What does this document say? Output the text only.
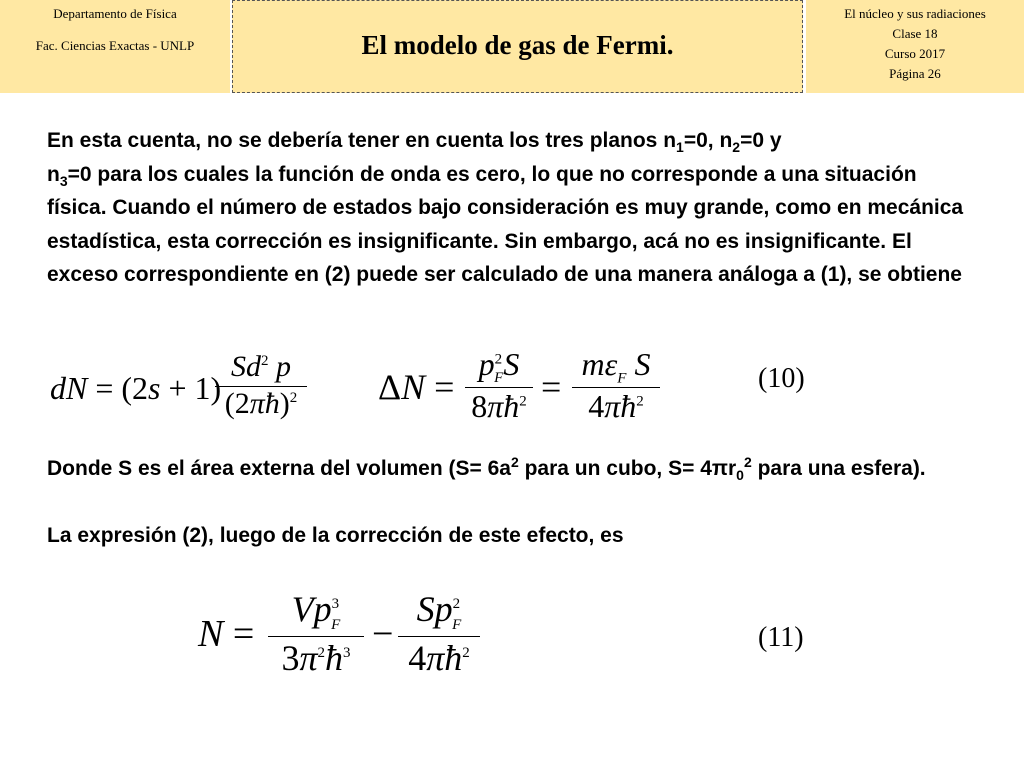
Departamento de Física
Fac. Ciencias Exactas - UNLP	El modelo de gas de Fermi.
El núcleo y sus radiaciones
Clase 18
Curso 2017
Página 26
En esta cuenta, no se debería tener en cuenta los tres planos $n_1=0$, $n_2=0$ y
$n_3=0$ para los cuales la función de onda es cero, lo que no corresponde a una situación física. Cuando el número de estados bajo consideración es muy grande, como en mecánica estadística, esta corrección es insignificante. Sin embargo, acá no es insignificante. El exceso correspondiente en (2) puede ser calculado de una manera análoga a (1), se obtiene
dN = (2s + 1)
Sd$^2$ p
(2πħ)$^2$ ΔN =
$p^2_FS$
$8\pi ħ^2$ =
$m\varepsilon_F$ S
$4\pi ħ^2$
(10)
Donde S es el área externa del volumen ($S= 6a^2$ para un cubo, $S= 4\pi r_0^2$ para una esfera).
La expresión (2), luego de la corrección de este efecto, es
N =
$Vp^3_F$
$3\pi^2ħ^3$ −
$Sp^2_F$
$4\pi ħ^2$
(11)
